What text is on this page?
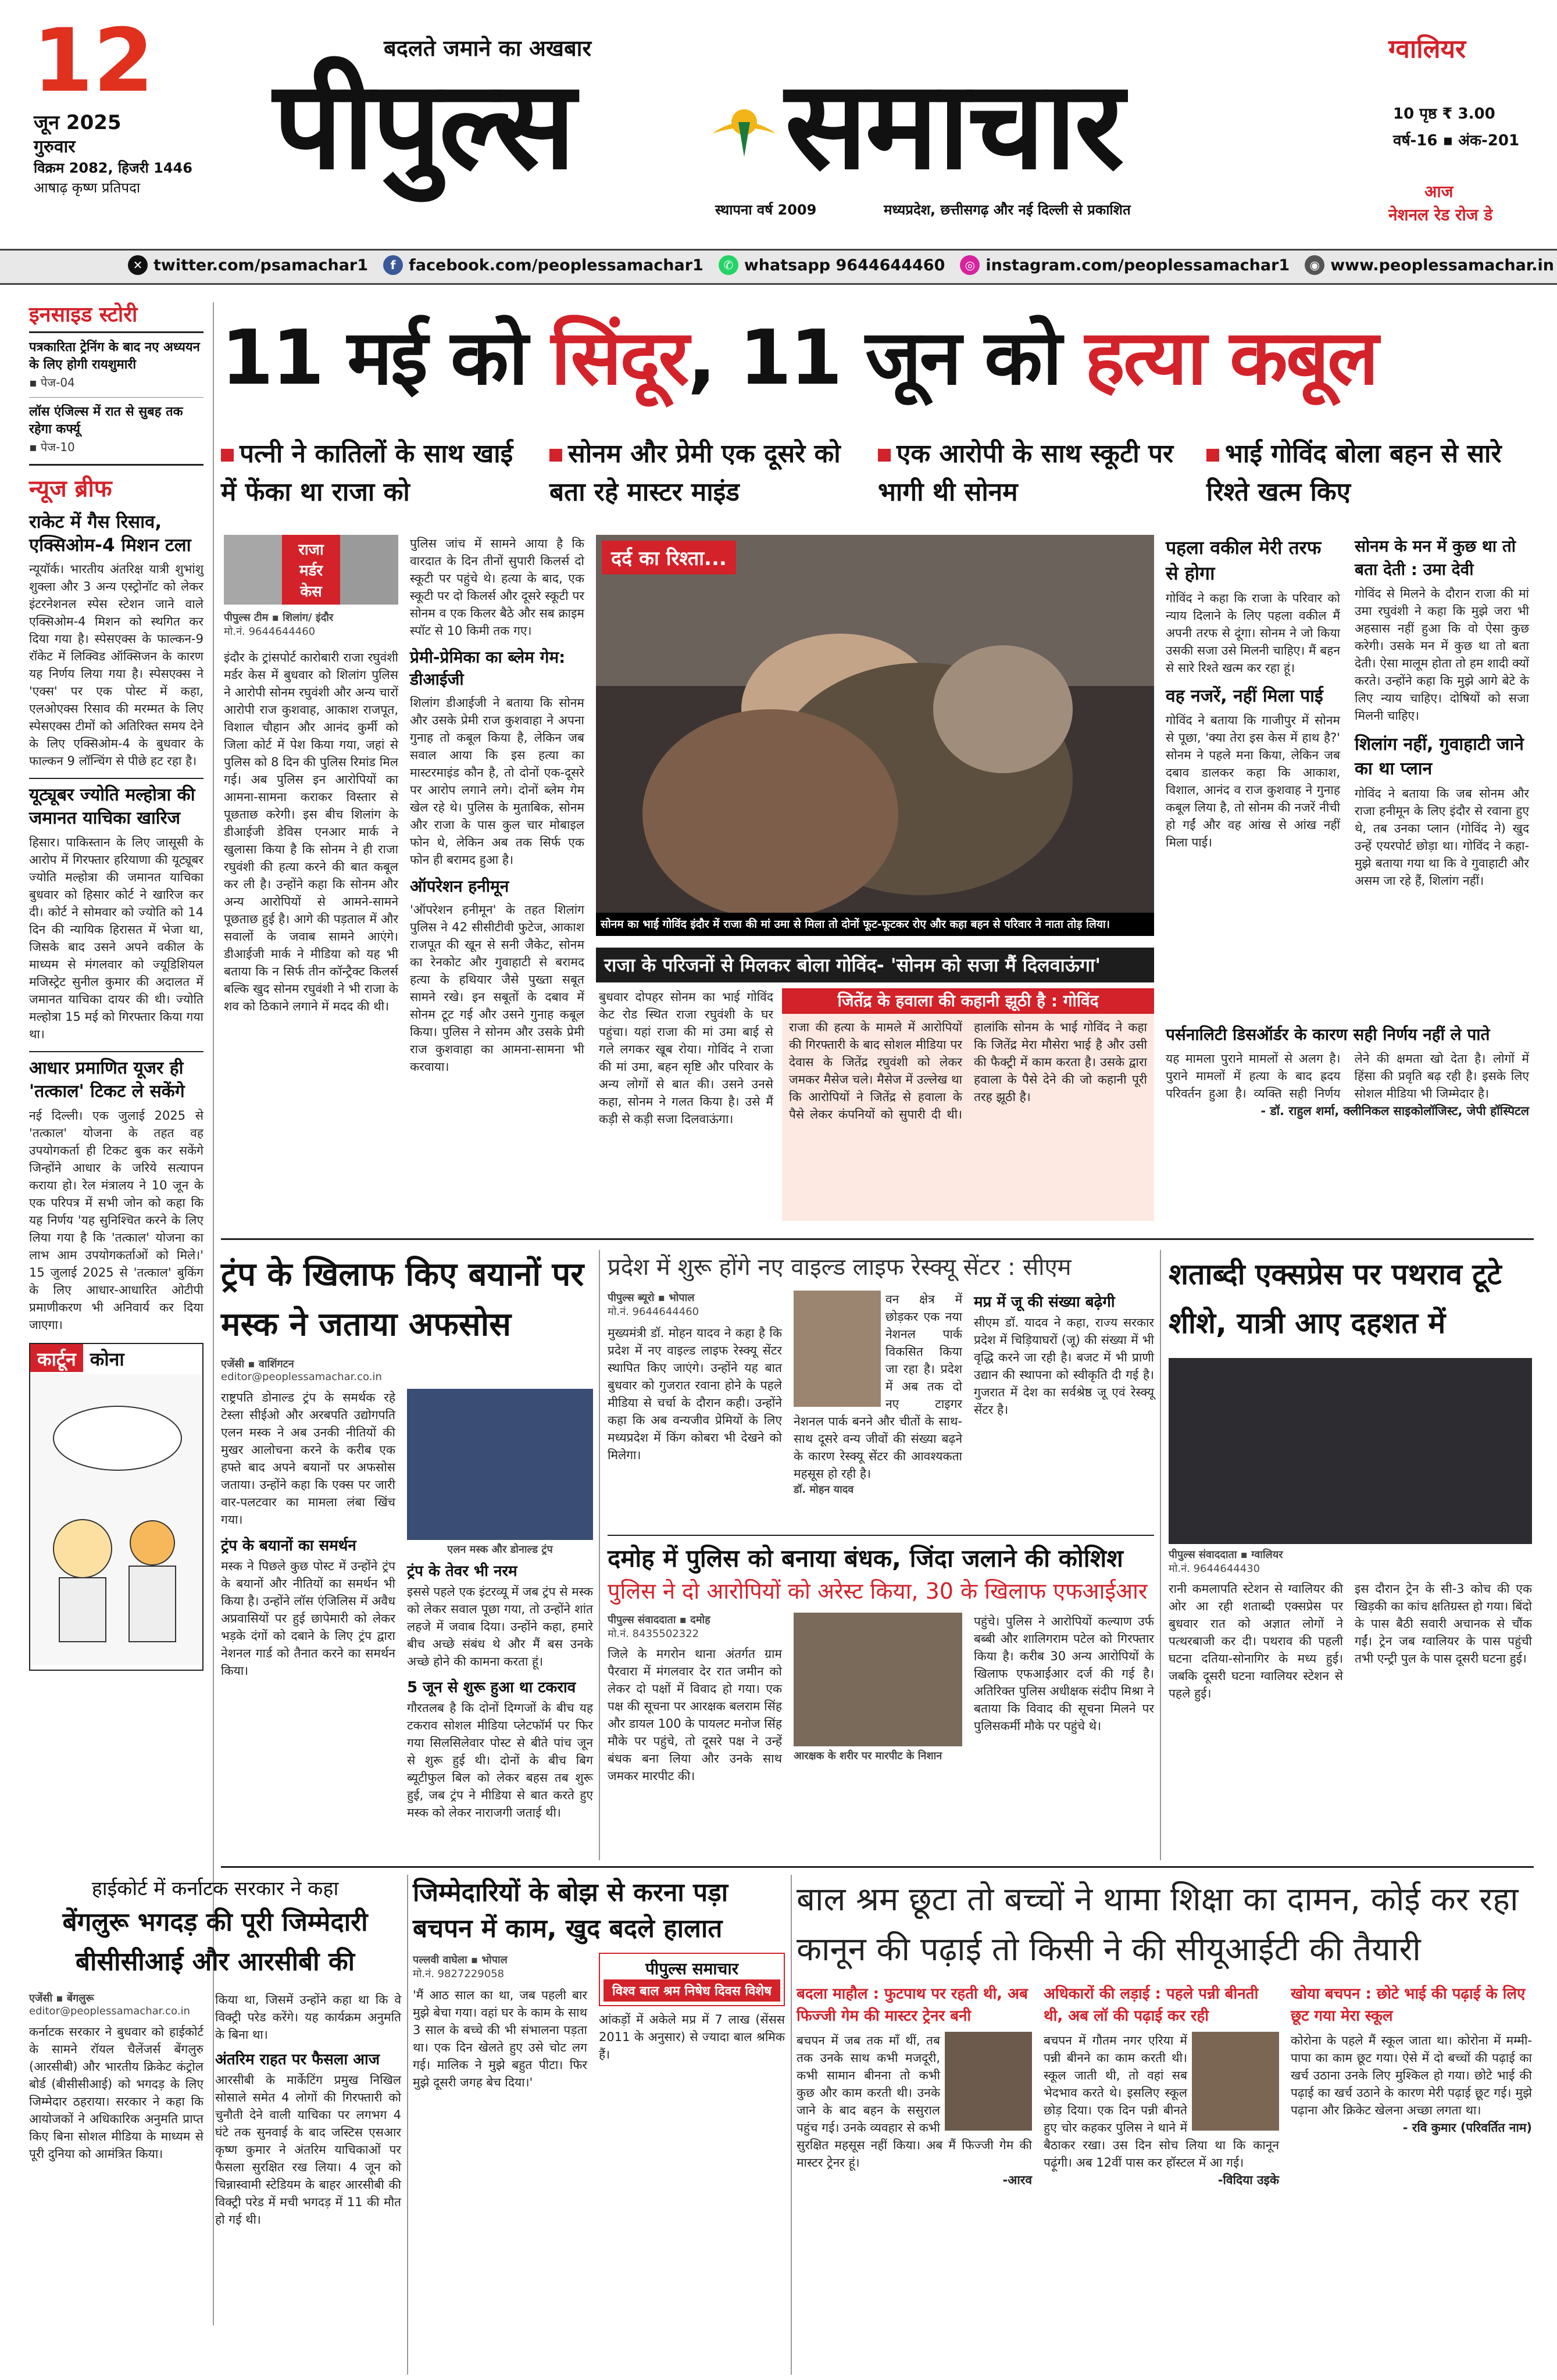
12
जून 2025
गुरुवार
विक्रम 2082, हिजरी 1446
आषाढ़ कृष्ण प्रतिपदा
बदलते जमाने का अखबार
पीपुल्स समाचार
स्थापना वर्ष 2009	मध्यप्रदेश, छत्तीसगढ़ और नई दिल्ली से प्रकाशित
ग्वालियर
10 पृष्ठ ₹ 3.00
वर्ष-16 ▪ अंक-201
आज
नेशनल रेड रोज डे
✕ twitter.com/psamachar1	f facebook.com/peoplessamachar1	✆ whatsapp 9644644460	◎ instagram.com/peoplessamachar1	◉ www.peoplessamachar.in
इनसाइड स्टोरी
पत्रकारिता ट्रेनिंग के बाद नए अध्ययन के लिए होगी रायशुमारी
▪ पेज-04
लॉस एंजिल्स में रात से सुबह तक रहेगा कर्फ्यू
▪ पेज-10
न्यूज ब्रीफ
राकेट में गैस रिसाव, एक्सिओम-4 मिशन टला
न्यूयॉर्क। भारतीय अंतरिक्ष यात्री शुभांशु शुक्ला और 3 अन्य एस्ट्रोनॉट को लेकर इंटरनेशनल स्पेस स्टेशन जाने वाले एक्सिओम-4 मिशन को स्थगित कर दिया गया है। स्पेसएक्स के फाल्कन-9 रॉकेट में लिक्विड ऑक्सिजन के कारण यह निर्णय लिया गया है। स्पेसएक्स ने 'एक्स' पर एक पोस्ट में कहा, एलओएक्स रिसाव की मरम्मत के लिए स्पेसएक्स टीमों को अतिरिक्त समय देने के लिए एक्सिओम-4 के बुधवार के फाल्कन 9 लॉन्चिंग से पीछे हट रहा है।
यूट्यूबर ज्योति मल्होत्रा की जमानत याचिका खारिज
हिसार। पाकिस्तान के लिए जासूसी के आरोप में गिरफ्तार हरियाणा की यूट्यूबर ज्योति मल्होत्रा की जमानत याचिका बुधवार को हिसार कोर्ट ने खारिज कर दी। कोर्ट ने सोमवार को ज्योति को 14 दिन की न्यायिक हिरासत में भेजा था, जिसके बाद उसने अपने वकील के माध्यम से मंगलवार को ज्यूडिशियल मजिस्ट्रेट सुनील कुमार की अदालत में जमानत याचिका दायर की थी। ज्योति मल्होत्रा 15 मई को गिरफ्तार किया गया था।
आधार प्रमाणित यूजर ही 'तत्काल' टिकट ले सकेंगे
नई दिल्ली। एक जुलाई 2025 से 'तत्काल' योजना के तहत वह उपयोगकर्ता ही टिकट बुक कर सकेंगे जिन्होंने आधार के जरिये सत्यापन कराया हो। रेल मंत्रालय ने 10 जून के एक परिपत्र में सभी जोन को कहा कि यह निर्णय 'यह सुनिश्चित करने के लिए लिया गया है कि 'तत्काल' योजना का लाभ आम उपयोगकर्ताओं को मिले।' 15 जुलाई 2025 से 'तत्काल' बुकिंग के लिए आधार-आधारित ओटीपी प्रमाणीकरण भी अनिवार्य कर दिया जाएगा।
कार्टून कोना
11 मई को सिंदूर, 11 जून को हत्या कबूल
पत्नी ने कातिलों के साथ खाई में फेंका था राजा को
सोनम और प्रेमी एक दूसरे को बता रहे मास्टर माइंड
एक आरोपी के साथ स्कूटी पर भागी थी सोनम
भाई गोविंद बोला बहन से सारे रिश्ते खत्म किए
राजा
मर्डर
केस
पीपुल्स टीम ▪ शिलांग/ इंदौर
मो.नं. 9644644460
इंदौर के ट्रांसपोर्ट कारोबारी राजा रघुवंशी मर्डर केस में बुधवार को शिलांग पुलिस ने आरोपी सोनम रघुवंशी और अन्य चारों आरोपी राज कुशवाह, आकाश राजपूत, विशाल चौहान और आनंद कुर्मी को जिला कोर्ट में पेश किया गया, जहां से पुलिस को 8 दिन की पुलिस रिमांड मिल गई। अब पुलिस इन आरोपियों का आमना-सामना कराकर विस्तार से पूछताछ करेगी। इस बीच शिलांग के डीआईजी डेविस एनआर मार्क ने खुलासा किया है कि सोनम ने ही राजा रघुवंशी की हत्या करने की बात कबूल कर ली है। उन्होंने कहा कि सोनम और अन्य आरोपियों से आमने-सामने पूछताछ हुई है। आगे की पड़ताल में और सवालों के जवाब सामने आएंगे। डीआईजी मार्क ने मीडिया को यह भी बताया कि न सिर्फ तीन कॉन्ट्रैक्ट किलर्स बल्कि खुद सोनम रघुवंशी ने भी राजा के शव को ठिकाने लगाने में मदद की थी।
पुलिस जांच में सामने आया है कि वारदात के दिन तीनों सुपारी किलर्स दो स्कूटी पर पहुंचे थे। हत्या के बाद, एक स्कूटी पर दो किलर्स और दूसरे स्कूटी पर सोनम व एक किलर बैठे और सब क्राइम स्पॉट से 10 किमी तक गए।
प्रेमी-प्रेमिका का ब्लेम गेम: डीआईजी
शिलांग डीआईजी ने बताया कि सोनम और उसके प्रेमी राज कुशवाहा ने अपना गुनाह तो कबूल किया है, लेकिन जब सवाल आया कि इस हत्या का मास्टरमाइंड कौन है, तो दोनों एक-दूसरे पर आरोप लगाने लगे। दोनों ब्लेम गेम खेल रहे थे। पुलिस के मुताबिक, सोनम और राजा के पास कुल चार मोबाइल फोन थे, लेकिन अब तक सिर्फ एक फोन ही बरामद हुआ है।
ऑपरेशन हनीमून
'ऑपरेशन हनीमून' के तहत शिलांग पुलिस ने 42 सीसीटीवी फुटेज, आकाश राजपूत की खून से सनी जैकेट, सोनम का रेनकोट और गुवाहाटी से बरामद हत्या के हथियार जैसे पुख्ता सबूत सामने रखे। इन सबूतों के दबाव में सोनम टूट गई और उसने गुनाह कबूल किया। पुलिस ने सोनम और उसके प्रेमी राज कुशवाहा का आमना-सामना भी करवाया।
दर्द का रिश्ता...
सोनम का भाई गोविंद इंदौर में राजा की मां उमा से मिला तो दोनों फूट-फूटकर रोए और कहा बहन से परिवार ने नाता तोड़ लिया।
राजा के परिजनों से मिलकर बोला गोविंद- 'सोनम को सजा मैं दिलवाऊंगा'
बुधवार दोपहर सोनम का भाई गोविंद केट रोड स्थित राजा रघुवंशी के घर पहुंचा। यहां राजा की मां उमा बाई से गले लगकर खूब रोया। गोविंद ने राजा की मां उमा, बहन सृष्टि और परिवार के अन्य लोगों से बात की। उसने उनसे कहा, सोनम ने गलत किया है। उसे मैं कड़ी से कड़ी सजा दिलवाऊंगा।
जितेंद्र के हवाला की कहानी झूठी है : गोविंद
राजा की हत्या के मामले में आरोपियों की गिरफ्तारी के बाद सोशल मीडिया पर देवास के जितेंद्र रघुवंशी को लेकर जमकर मैसेज चले। मैसेज में उल्लेख था कि आरोपियों ने जितेंद्र से हवाला के पैसे लेकर कंपनियों को सुपारी दी थी। हालांकि सोनम के भाई गोविंद ने कहा कि जितेंद्र मेरा मौसेरा भाई है और उसी की फैक्ट्री में काम करता है। उसके द्वारा हवाला के पैसे देने की जो कहानी पूरी तरह झूठी है।
पहला वकील मेरी तरफ से होगा
गोविंद ने कहा कि राजा के परिवार को न्याय दिलाने के लिए पहला वकील मैं अपनी तरफ से दूंगा। सोनम ने जो किया उसकी सजा उसे मिलनी चाहिए। मैं बहन से सारे रिश्ते खत्म कर रहा हूं।
वह नजरें, नहीं मिला पाई
गोविंद ने बताया कि गाजीपुर में सोनम से पूछा, 'क्या तेरा इस केस में हाथ है?' सोनम ने पहले मना किया, लेकिन जब दबाव डालकर कहा कि आकाश, विशाल, आनंद व राज कुशवाह ने गुनाह कबूल लिया है, तो सोनम की नजरें नीची हो गईं और वह आंख से आंख नहीं मिला पाई।
सोनम के मन में कुछ था तो बता देती : उमा देवी
गोविंद से मिलने के दौरान राजा की मां उमा रघुवंशी ने कहा कि मुझे जरा भी अहसास नहीं हुआ कि वो ऐसा कुछ करेगी। उसके मन में कुछ था तो बता देती। ऐसा मालूम होता तो हम शादी क्यों करते। उन्होंने कहा कि मुझे आगे बेटे के लिए न्याय चाहिए। दोषियों को सजा मिलनी चाहिए।
शिलांग नहीं, गुवाहाटी जाने का था प्लान
गोविंद ने बताया कि जब सोनम और राजा हनीमून के लिए इंदौर से रवाना हुए थे, तब उनका प्लान (गोविंद ने) खुद उन्हें एयरपोर्ट छोड़ा था। गोविंद ने कहा- मुझे बताया गया था कि वे गुवाहाटी और असम जा रहे हैं, शिलांग नहीं।
पर्सनालिटी डिसऑर्डर के कारण सही निर्णय नहीं ले पाते
यह मामला पुराने मामलों से अलग है। पुराने मामलों में हत्या के बाद ह्रदय परिवर्तन हुआ है। व्यक्ति सही निर्णय लेने की क्षमता खो देता है। लोगों में हिंसा की प्रवृति बढ़ रही है। इसके लिए सोशल मीडिया भी जिम्मेदार है।
- डॉ. राहुल शर्मा, क्लीनिकल साइकोलॉजिस्ट, जेपी हॉस्पिटल
ट्रंप के खिलाफ किए बयानों पर मस्क ने जताया अफसोस
एजेंसी ▪ वाशिंगटन
editor@peoplessamachar.co.in
राष्ट्रपति डोनाल्ड ट्रंप के समर्थक रहे टेस्ला सीईओ और अरबपति उद्योगपति एलन मस्क ने अब उनकी नीतियों की मुखर आलोचना करने के करीब एक हफ्ते बाद अपने बयानों पर अफसोस जताया। उन्होंने कहा कि एक्स पर जारी वार-पलटवार का मामला लंबा खिंच गया।
ट्रंप के बयानों का समर्थन
मस्क ने पिछले कुछ पोस्ट में उन्होंने ट्रंप के बयानों और नीतियों का समर्थन भी किया है। उन्होंने लॉस एंजिलिस में अवैध अप्रवासियों पर हुई छापेमारी को लेकर भड़के दंगों को दबाने के लिए ट्रंप द्वारा नेशनल गार्ड को तैनात करने का समर्थन किया।
एलन मस्क और डोनाल्ड ट्रंप
ट्रंप के तेवर भी नरम
इससे पहले एक इंटरव्यू में जब ट्रंप से मस्क को लेकर सवाल पूछा गया, तो उन्होंने शांत लहजे में जवाब दिया। उन्होंने कहा, हमारे बीच अच्छे संबंध थे और मैं बस उनके अच्छे होने की कामना करता हूं।
5 जून से शुरू हुआ था टकराव
गौरतलब है कि दोनों दिग्गजों के बीच यह टकराव सोशल मीडिया प्लेटफॉर्म पर फिर गया सिलसिलेवार पोस्ट से बीते पांच जून से शुरू हुई थी। दोनों के बीच बिग ब्यूटीफुल बिल को लेकर बहस तब शुरू हुई, जब ट्रंप ने मीडिया से बात करते हुए मस्क को लेकर नाराजगी जताई थी।
प्रदेश में शुरू होंगे नए वाइल्ड लाइफ रेस्क्यू सेंटर : सीएम
पीपुल्स ब्यूरो ▪ भोपाल
मो.नं. 9644644460
मुख्यमंत्री डॉ. मोहन यादव ने कहा है कि प्रदेश में नए वाइल्ड लाइफ रेस्क्यू सेंटर स्थापित किए जाएंगे। उन्होंने यह बात बुधवार को गुजरात रवाना होने के पहले मीडिया से चर्चा के दौरान कही। उन्होंने कहा कि अब वन्यजीव प्रेमियों के लिए मध्यप्रदेश में किंग कोबरा भी देखने को मिलेगा।
वन क्षेत्र में छोड़कर एक नया नेशनल पार्क विकसित किया जा रहा है। प्रदेश में अब तक दो नए टाइगर नेशनल पार्क बनने और चीतों के साथ-साथ दूसरे वन्य जीवों की संख्या बढ़ने के कारण रेस्क्यू सेंटर की आवश्यकता महसूस हो रही है।
डॉ. मोहन यादव
मप्र में जू की संख्या बढ़ेगी
सीएम डॉ. यादव ने कहा, राज्य सरकार प्रदेश में चिड़ियाघरों (जू) की संख्या में भी वृद्धि करने जा रही है। बजट में भी प्राणी उद्यान की स्थापना को स्वीकृति दी गई है। गुजरात में देश का सर्वश्रेष्ठ जू एवं रेस्क्यू सेंटर है।
दमोह में पुलिस को बनाया बंधक, जिंदा जलाने की कोशिश
पुलिस ने दो आरोपियों को अरेस्ट किया, 30 के खिलाफ एफआईआर
पीपुल्स संवाददाता ▪ दमोह
मो.नं. 8435502322
जिले के मगरोन थाना अंतर्गत ग्राम पैरवारा में मंगलवार देर रात जमीन को लेकर दो पक्षों में विवाद हो गया। एक पक्ष की सूचना पर आरक्षक बलराम सिंह और डायल 100 के पायलट मनोज सिंह मौके पर पहुंचे, तो दूसरे पक्ष ने उन्हें बंधक बना लिया और उनके साथ जमकर मारपीट की।
आरक्षक के शरीर पर मारपीट के निशान
पहुंचे। पुलिस ने आरोपियों कल्याण उर्फ बब्बी और शालिगराम पटेल को गिरफ्तार किया है। करीब 30 अन्य आरोपियों के खिलाफ एफआईआर दर्ज की गई है। अतिरिक्त पुलिस अधीक्षक संदीप मिश्रा ने बताया कि विवाद की सूचना मिलने पर पुलिसकर्मी मौके पर पहुंचे थे।
शताब्दी एक्सप्रेस पर पथराव टूटे शीशे, यात्री आए दहशत में
पीपुल्स संवाददाता ▪ ग्वालियर
मो.नं. 9644644430
रानी कमलापति स्टेशन से ग्वालियर की ओर आ रही शताब्दी एक्सप्रेस पर बुधवार रात को अज्ञात लोगों ने पत्थरबाजी कर दी। पथराव की पहली घटना दतिया-सोनागिर के मध्य हुई। जबकि दूसरी घटना ग्वालियर स्टेशन से पहले हुई।
इस दौरान ट्रेन के सी-3 कोच की एक खिड़की का कांच क्षतिग्रस्त हो गया। बिंदो के पास बैठी सवारी अचानक से चौंक गईं। ट्रेन जब ग्वालियर के पास पहुंची तभी एन्ट्री पुल के पास दूसरी घटना हुई।
हाईकोर्ट में कर्नाटक सरकार ने कहा
बेंगलुरू भगदड़ की पूरी जिम्मेदारी बीसीसीआई और आरसीबी की
एजेंसी ▪ बेंगलुरू
editor@peoplessamachar.co.in
कर्नाटक सरकार ने बुधवार को हाईकोर्ट के सामने रॉयल चैलेंजर्स बेंगलुरु (आरसीबी) और भारतीय क्रिकेट कंट्रोल बोर्ड (बीसीसीआई) को भगदड़ के लिए जिम्मेदार ठहराया। सरकार ने कहा कि आयोजकों ने अधिकारिक अनुमति प्राप्त किए बिना सोशल मीडिया के माध्यम से पूरी दुनिया को आमंत्रित किया।
किया था, जिसमें उन्होंने कहा था कि वे विक्ट्री परेड करेंगे। यह कार्यक्रम अनुमति के बिना था।
अंतरिम राहत पर फैसला आज
आरसीबी के मार्केटिंग प्रमुख निखिल सोसाले समेत 4 लोगों की गिरफ्तारी को चुनौती देने वाली याचिका पर लगभग 4 घंटे तक सुनवाई के बाद जस्टिस एसआर कृष्ण कुमार ने अंतरिम याचिकाओं पर फैसला सुरक्षित रख लिया। 4 जून को चिन्नास्वामी स्टेडियम के बाहर आरसीबी की विक्ट्री परेड में मची भगदड़ में 11 की मौत हो गई थी।
जिम्मेदारियों के बोझ से करना पड़ा बचपन में काम, खुद बदले हालात
पल्लवी वाघेला ▪ भोपाल
मो.नं. 9827229058
'मैं आठ साल का था, जब पहली बार मुझे बेचा गया। वहां घर के काम के साथ 3 साल के बच्चे की भी संभालना पड़ता था। एक दिन खेलते हुए उसे चोट लग गई। मालिक ने मुझे बहुत पीटा। फिर मुझे दूसरी जगह बेच दिया।'
पीपुल्स समाचार
विश्व बाल श्रम निषेध दिवस विशेष
आंकड़ों में अकेले मप्र में 7 लाख (सेंसस 2011 के अनुसार) से ज्यादा बाल श्रमिक हैं।
बाल श्रम छूटा तो बच्चों ने थामा शिक्षा का दामन, कोई कर रहा कानून की पढ़ाई तो किसी ने की सीयूआईटी की तैयारी
बदला माहौल : फुटपाथ पर रहती थी, अब फिज्जी गेम की मास्टर ट्रेनर बनी
बचपन में जब तक माँ थीं, तब तक उनके साथ कभी मजदूरी, कभी सामान बीनना तो कभी कुछ और काम करती थी। उनके जाने के बाद बहन के ससुराल पहुंच गई। उनके व्यवहार से कभी सुरक्षित महसूस नहीं किया। अब मैं फिज्जी गेम की मास्टर ट्रेनर हूं।
-आरव
अधिकारों की लड़ाई : पहले पन्नी बीनती थी, अब लॉ की पढ़ाई कर रही
बचपन में गौतम नगर एरिया में पन्नी बीनने का काम करती थी। स्कूल जाती थी, तो वहां सब भेदभाव करते थे। इसलिए स्कूल छोड़ दिया। एक दिन पन्नी बीनते हुए चोर कहकर पुलिस ने थाने में बैठाकर रखा। उस दिन सोच लिया था कि कानून पढ़ूंगी। अब 12वीं पास कर हॉस्टल में आ गई।
-विदिया उइके
खोया बचपन : छोटे भाई की पढ़ाई के लिए छूट गया मेरा स्कूल
कोरोना के पहले मैं स्कूल जाता था। कोरोना में मम्मी-पापा का काम छूट गया। ऐसे में दो बच्चों की पढ़ाई का खर्च उठाना उनके लिए मुश्किल हो गया। छोटे भाई की पढ़ाई का खर्च उठाने के कारण मेरी पढ़ाई छूट गई। मुझे पढ़ाना और क्रिकेट खेलना अच्छा लगता था।
- रवि कुमार (परिवर्तित नाम)
